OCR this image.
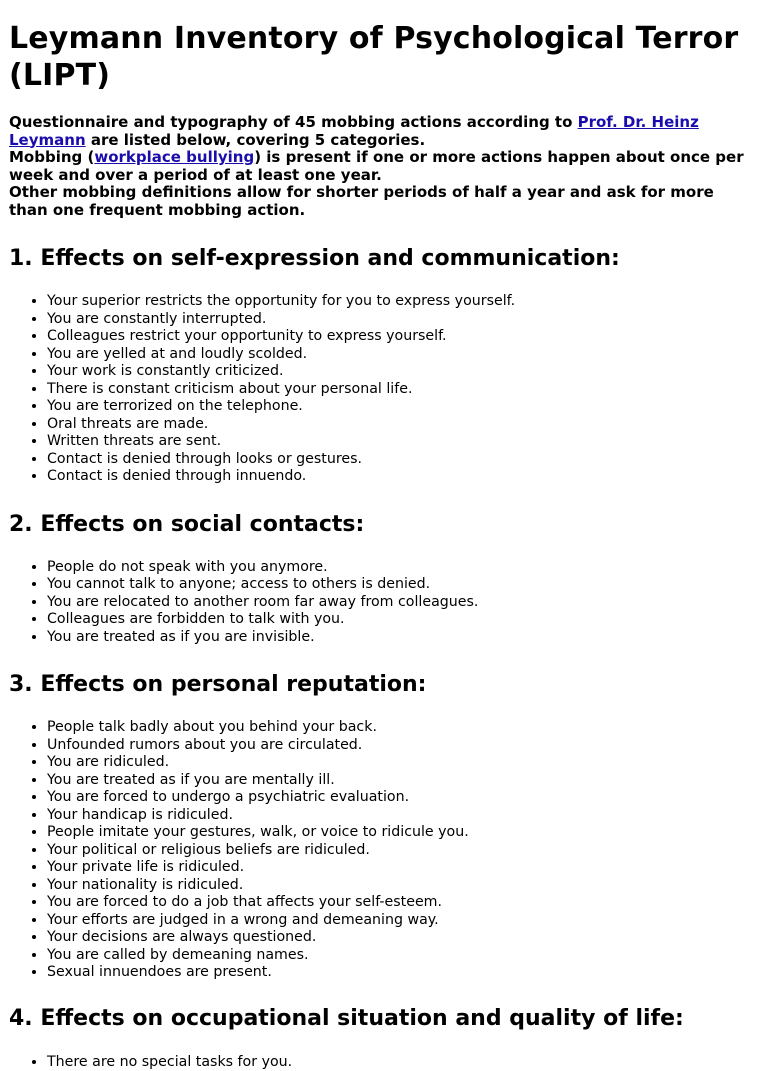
Leymann Inventory of Psychological Terror (LIPT)
Questionnaire and typography of 45 mobbing actions according to Prof. Dr. Heinz Leymann are listed below, covering 5 categories.
Mobbing (workplace bullying) is present if one or more actions happen about once per week and over a period of at least one year.
Other mobbing definitions allow for shorter periods of half a year and ask for more than one frequent mobbing action.
1. Effects on self-expression and communication:
• Your superior restricts the opportunity for you to express yourself.
• You are constantly interrupted.
• Colleagues restrict your opportunity to express yourself.
• You are yelled at and loudly scolded.
• Your work is constantly criticized.
• There is constant criticism about your personal life.
• You are terrorized on the telephone.
• Oral threats are made.
• Written threats are sent.
• Contact is denied through looks or gestures.
• Contact is denied through innuendo.
2. Effects on social contacts:
• People do not speak with you anymore.
• You cannot talk to anyone; access to others is denied.
• You are relocated to another room far away from colleagues.
• Colleagues are forbidden to talk with you.
• You are treated as if you are invisible.
3. Effects on personal reputation:
• People talk badly about you behind your back.
• Unfounded rumors about you are circulated.
• You are ridiculed.
• You are treated as if you are mentally ill.
• You are forced to undergo a psychiatric evaluation.
• Your handicap is ridiculed.
• People imitate your gestures, walk, or voice to ridicule you.
• Your political or religious beliefs are ridiculed.
• Your private life is ridiculed.
• Your nationality is ridiculed.
• You are forced to do a job that affects your self-esteem.
• Your efforts are judged in a wrong and demeaning way.
• Your decisions are always questioned.
• You are called by demeaning names.
• Sexual innuendoes are present.
4. Effects on occupational situation and quality of life:
• There are no special tasks for you.
